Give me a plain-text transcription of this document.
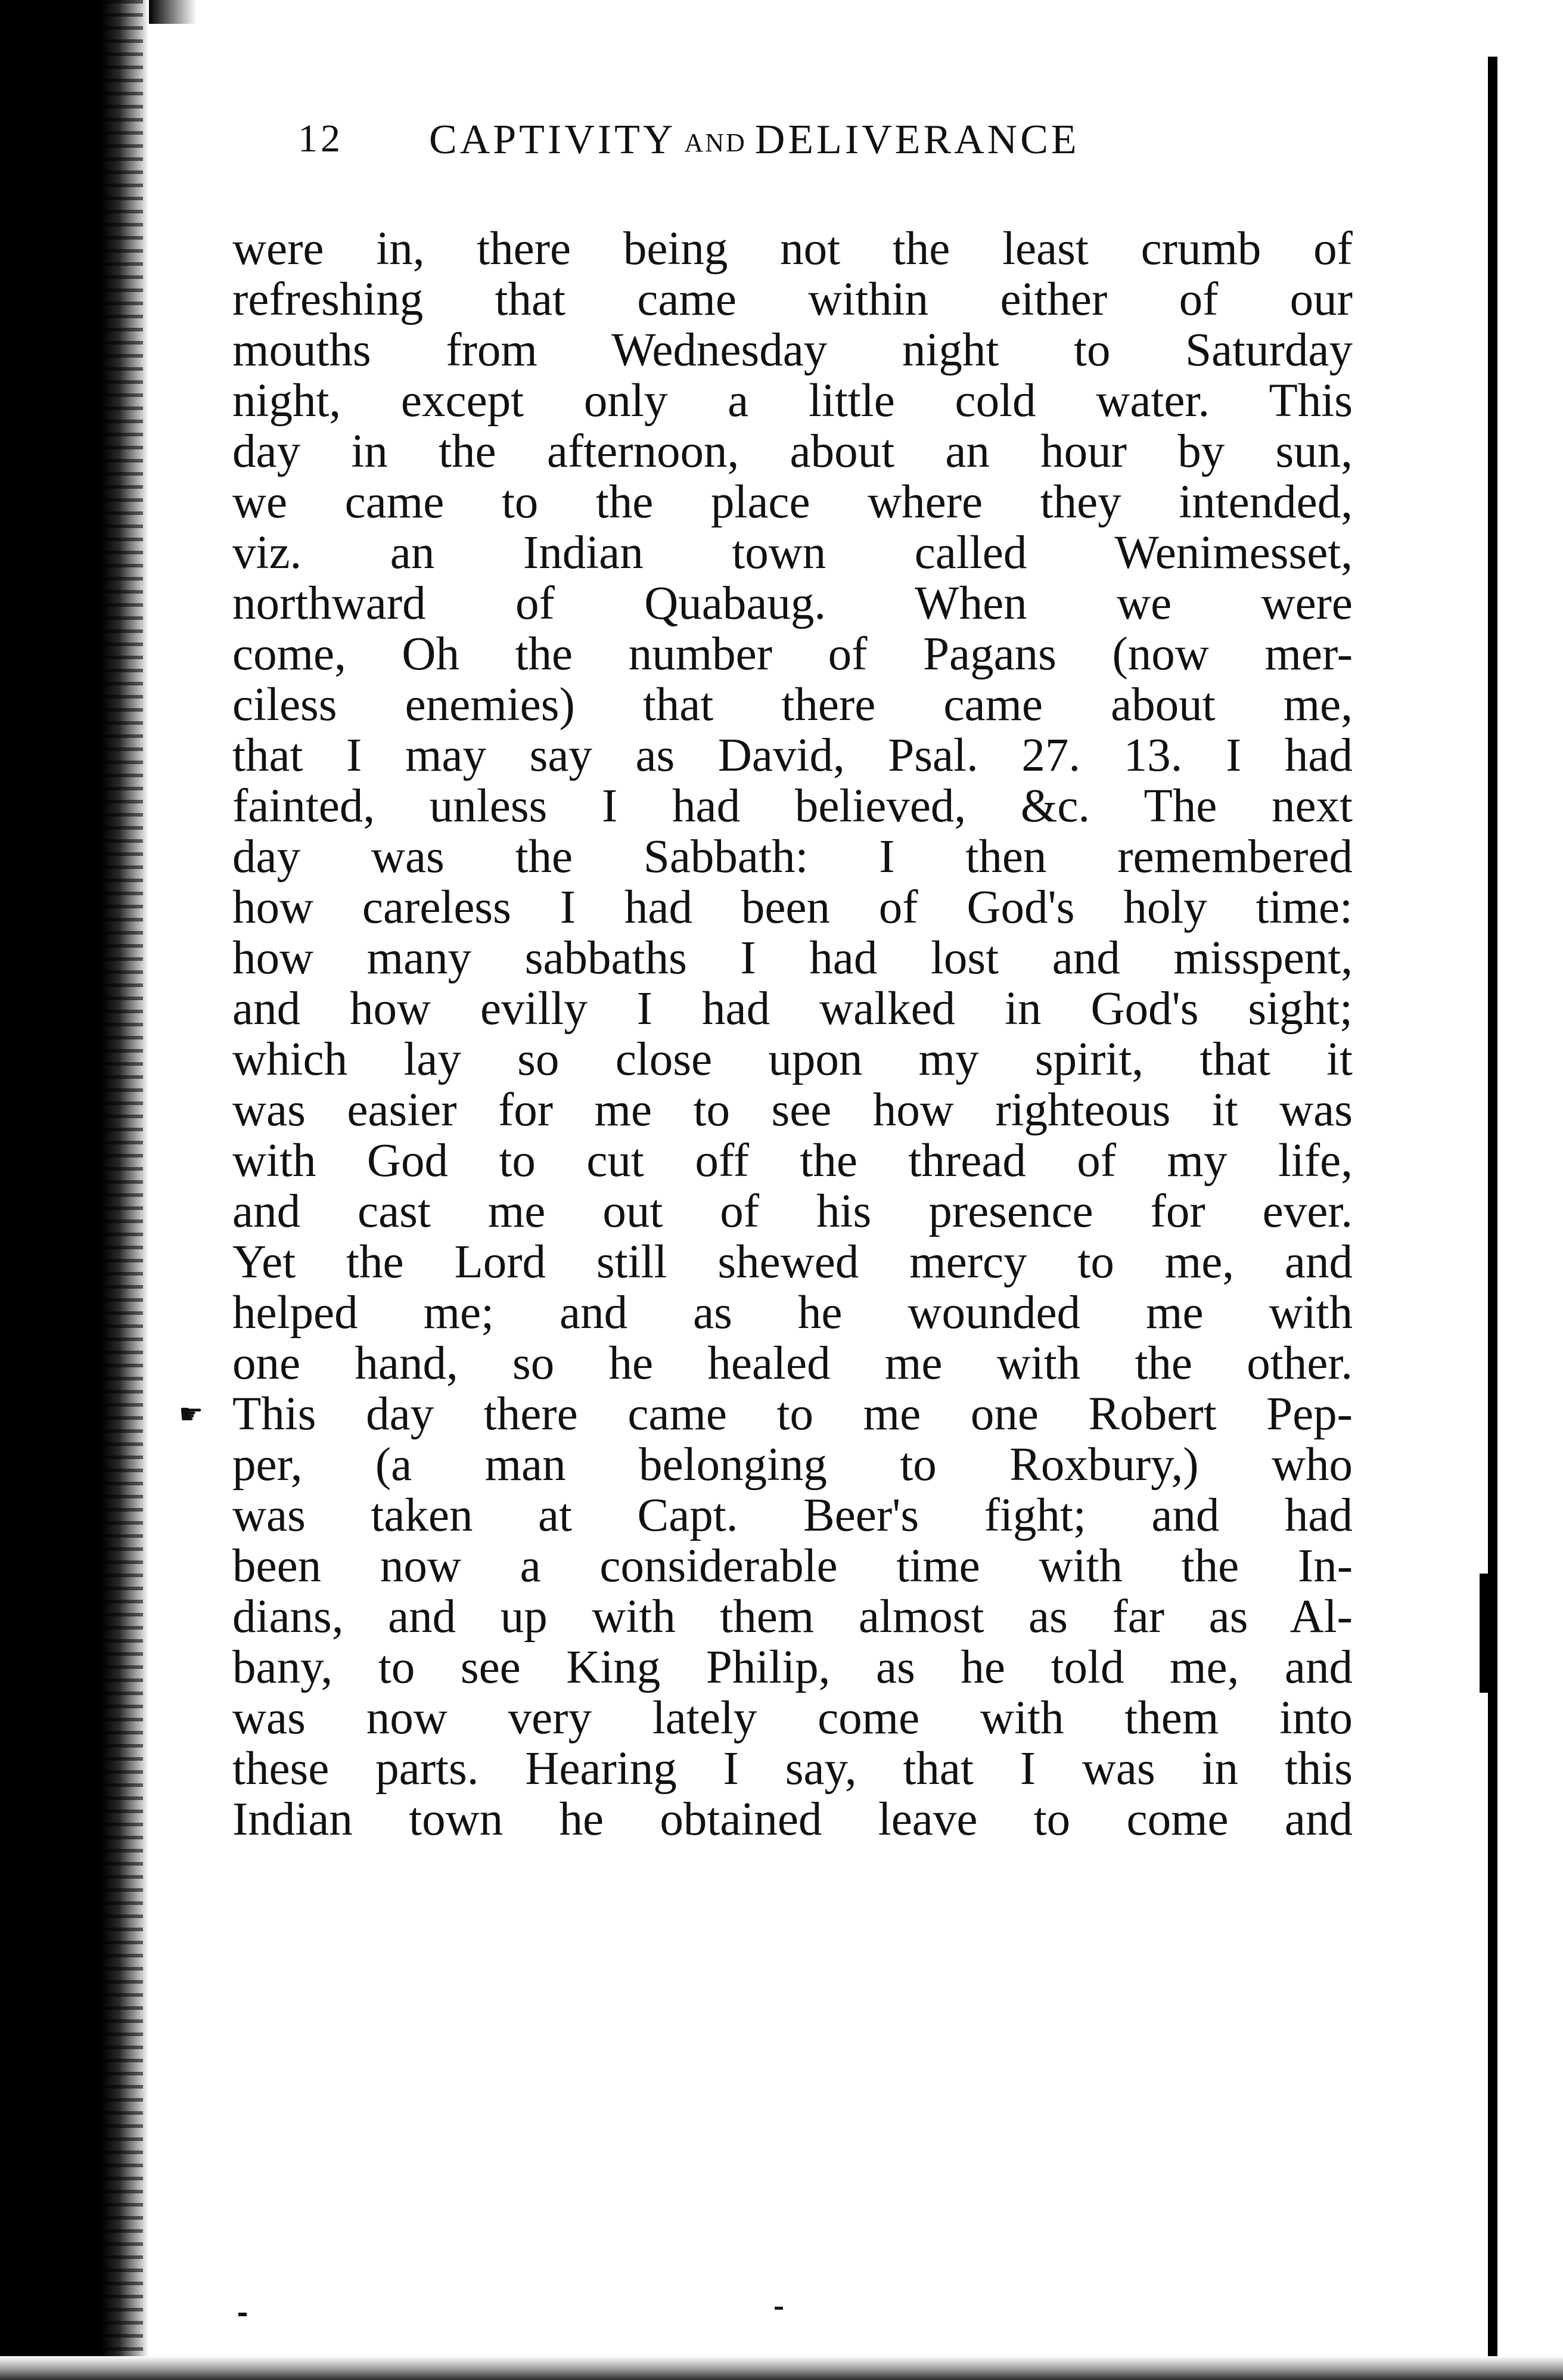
12 CAPTIVITY AND DELIVERANCE
were in, there being not the least crumb of
refreshing that came within either of our
mouths from Wednesday night to Saturday
night, except only a little cold water. This
day in the afternoon, about an hour by sun,
we came to the place where they intended,
viz. an Indian town called Wenimesset,
northward of Quabaug. When we were
come, Oh the number of Pagans (now mer-
ciless enemies) that there came about me,
that I may say as David, Psal. 27. 13. I had
fainted, unless I had believed, &c. The next
day was the Sabbath: I then remembered
how careless I had been of God's holy time:
how many sabbaths I had lost and misspent,
and how evilly I had walked in God's sight;
which lay so close upon my spirit, that it
was easier for me to see how righteous it was
with God to cut off the thread of my life,
and cast me out of his presence for ever.
Yet the Lord still shewed mercy to me, and
helped me; and as he wounded me with
one hand, so he healed me with the other.
☛ This day there came to me one Robert Pep-
per, (a man belonging to Roxbury,) who
was taken at Capt. Beer's fight; and had
been now a considerable time with the In-
dians, and up with them almost as far as Al-
bany, to see King Philip, as he told me, and
was now very lately come with them into
these parts. Hearing I say, that I was in this
Indian town he obtained leave to come and
